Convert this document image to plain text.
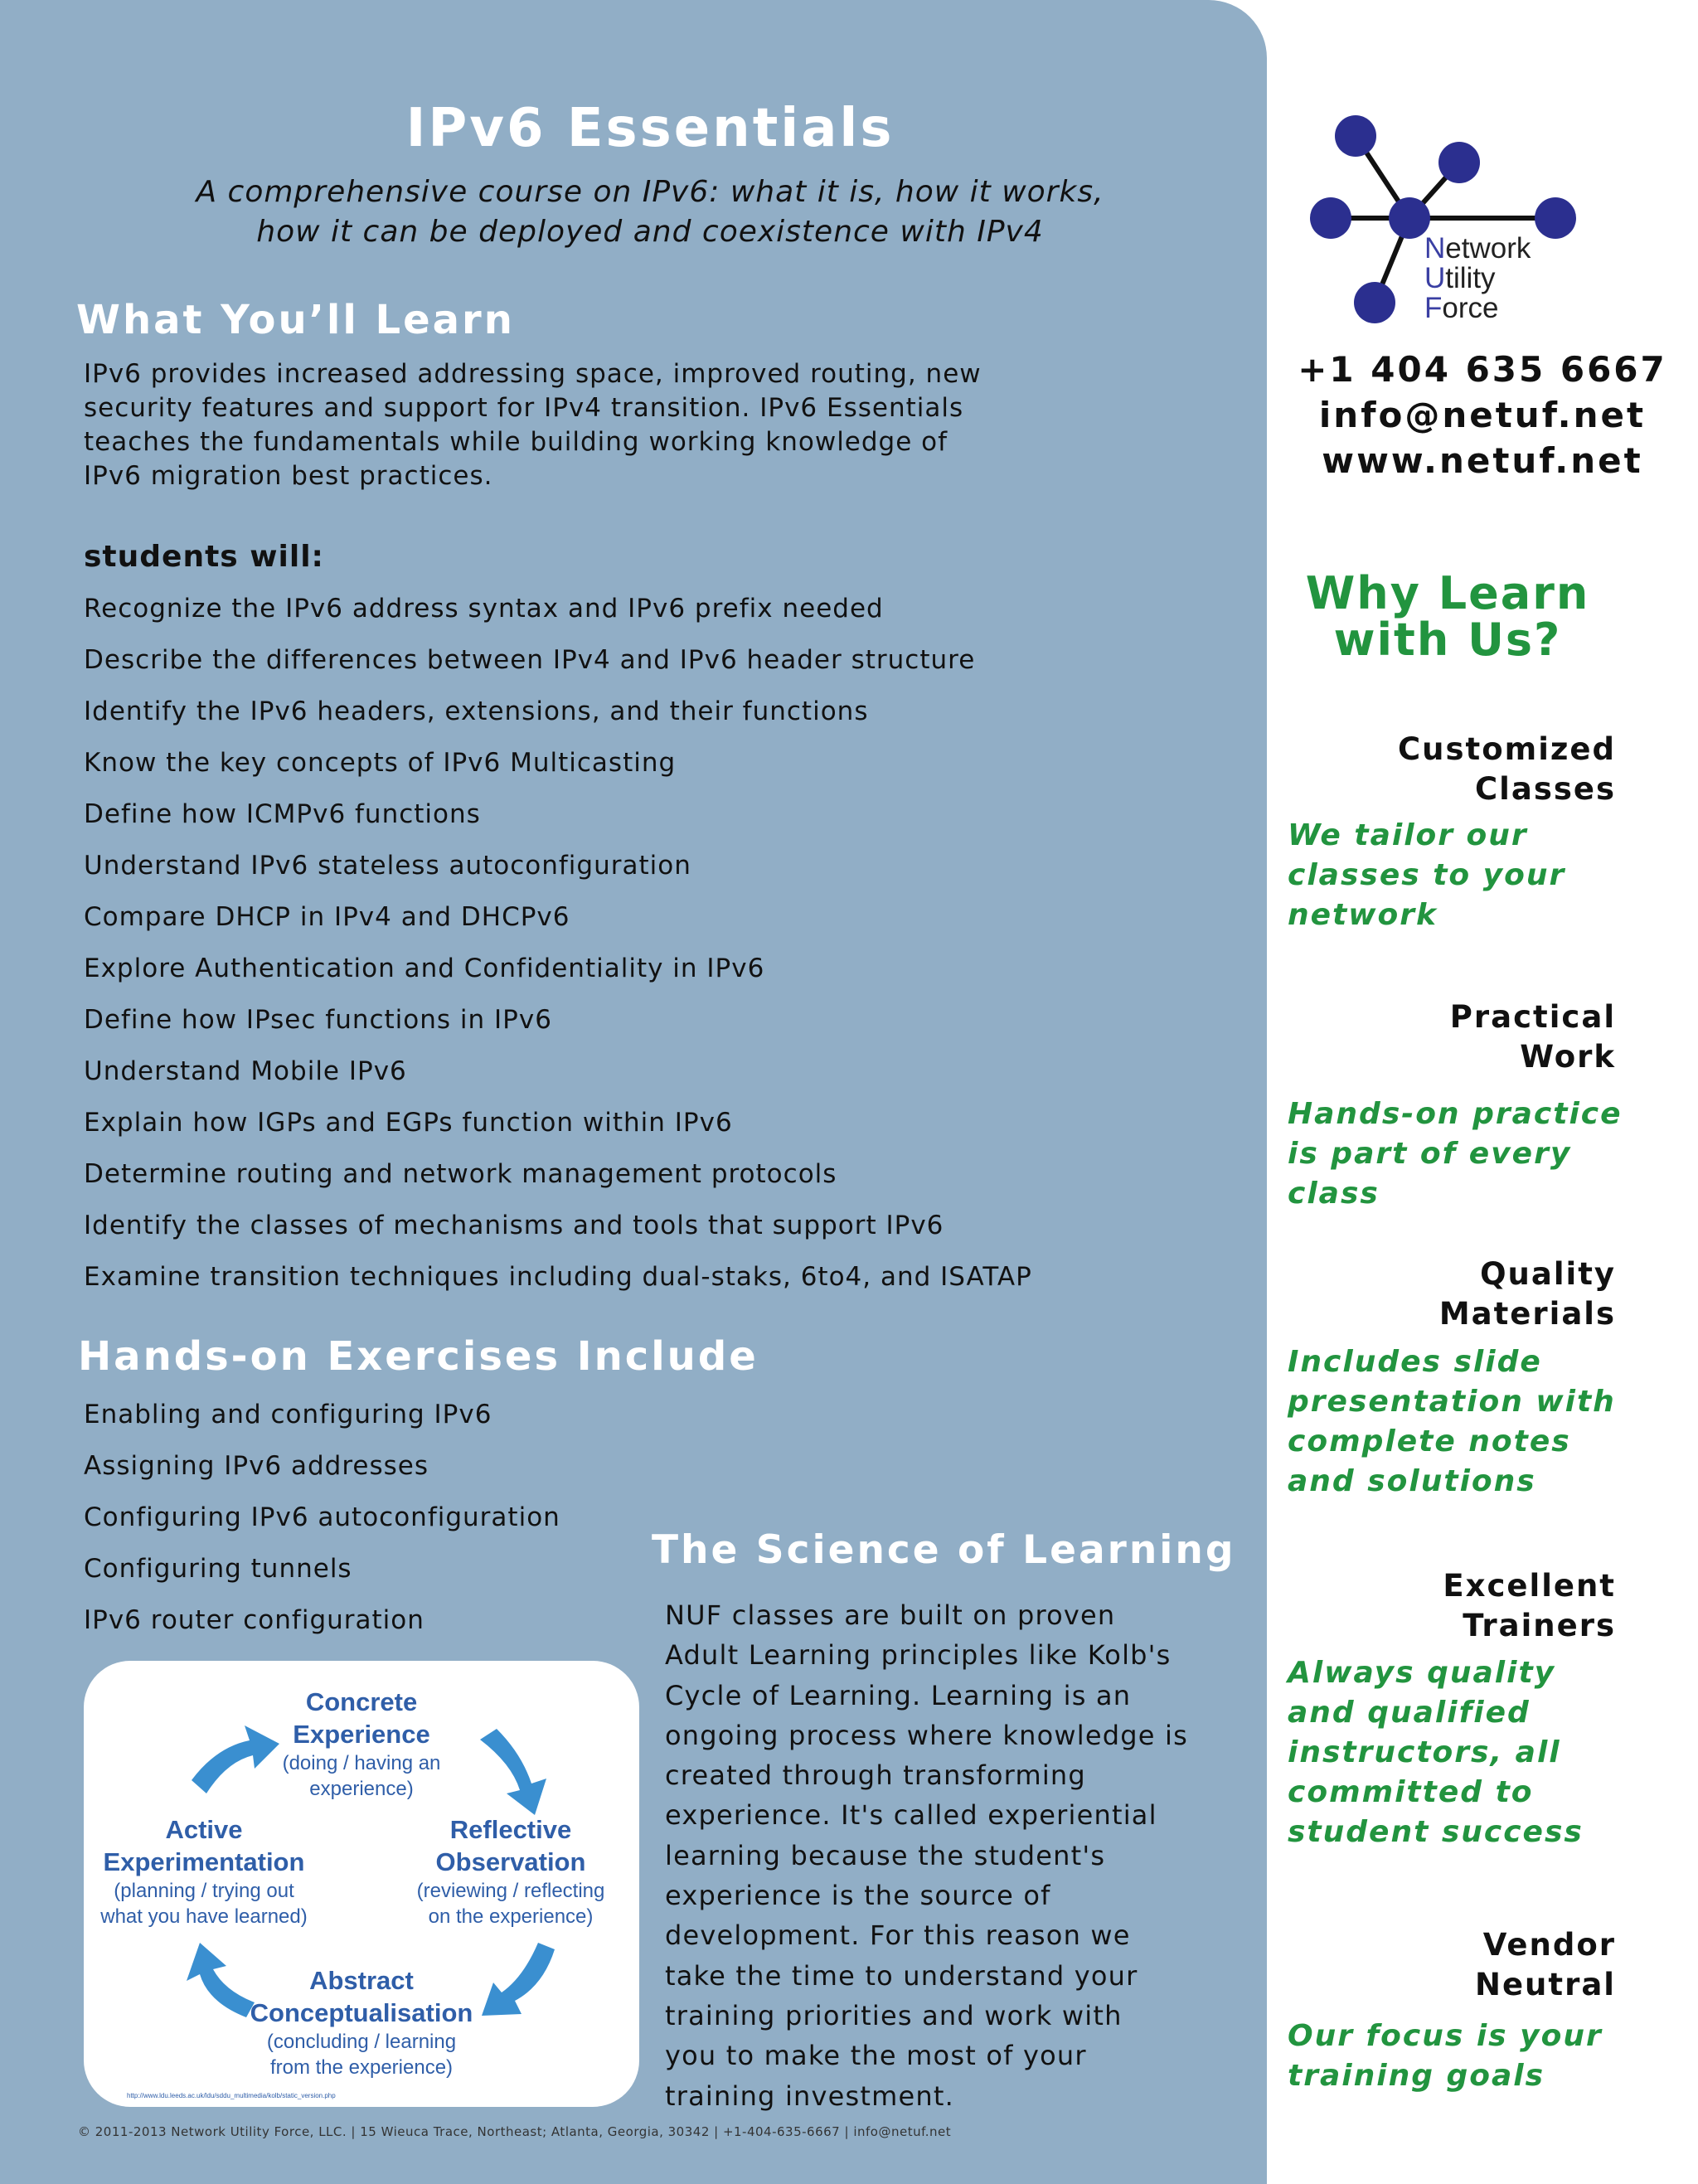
IPv6 Essentials
A comprehensive course on IPv6: what it is, how it works,
how it can be deployed and coexistence with IPv4
What You’ll Learn
IPv6 provides increased addressing space, improved routing, new
security features and support for IPv4 transition. IPv6 Essentials
teaches the fundamentals while building working knowledge of
IPv6 migration best practices.
students will:
Recognize the IPv6 address syntax and IPv6 prefix needed
Describe the differences between IPv4 and IPv6 header structure
Identify the IPv6 headers, extensions, and their functions
Know the key concepts of IPv6 Multicasting
Define how ICMPv6 functions
Understand IPv6 stateless autoconfiguration
Compare DHCP in IPv4 and DHCPv6
Explore Authentication and Confidentiality in IPv6
Define how IPsec functions in IPv6
Understand Mobile IPv6
Explain how IGPs and EGPs function within IPv6
Determine routing and network management protocols
Identify the classes of mechanisms and tools that support IPv6
Examine transition techniques including dual-staks, 6to4, and ISATAP
Hands-on Exercises Include
Enabling and configuring IPv6
Assigning IPv6 addresses
Configuring IPv6 autoconfiguration
Configuring tunnels
IPv6 router configuration
Concrete
Experience
(doing / having an
experience)
Reflective
Observation
(reviewing / reflecting
on the experience)
Abstract
Conceptualisation
(concluding / learning
from the experience)
Active
Experimentation
(planning / trying out
what you have learned)
http://www.ldu.leeds.ac.uk/ldu/sddu_multimedia/kolb/static_version.php
The Science of Learning
NUF classes are built on proven
Adult Learning principles like Kolb's
Cycle of Learning. Learning is an
ongoing process where knowledge is
created through transforming
experience. It's called experiential
learning because the student's
experience is the source of
development. For this reason we
take the time to understand your
training priorities and work with
you to make the most of your
training investment.
© 2011-2013 Network Utility Force, LLC. | 15 Wieuca Trace, Northeast; Atlanta, Georgia, 30342 | +1-404-635-6667 | info@netuf.net
Network
Utility
Force
+1 404 635 6667
info@netuf.net
www.netuf.net
Why Learn
with Us?
Customized
Classes
We tailor our
classes to your
network
Practical
Work
Hands-on practice
is part of every
class
Quality
Materials
Includes slide
presentation with
complete notes
and solutions
Excellent
Trainers
Always quality
and qualified
instructors, all
committed to
student success
Vendor
Neutral
Our focus is your
training goals
